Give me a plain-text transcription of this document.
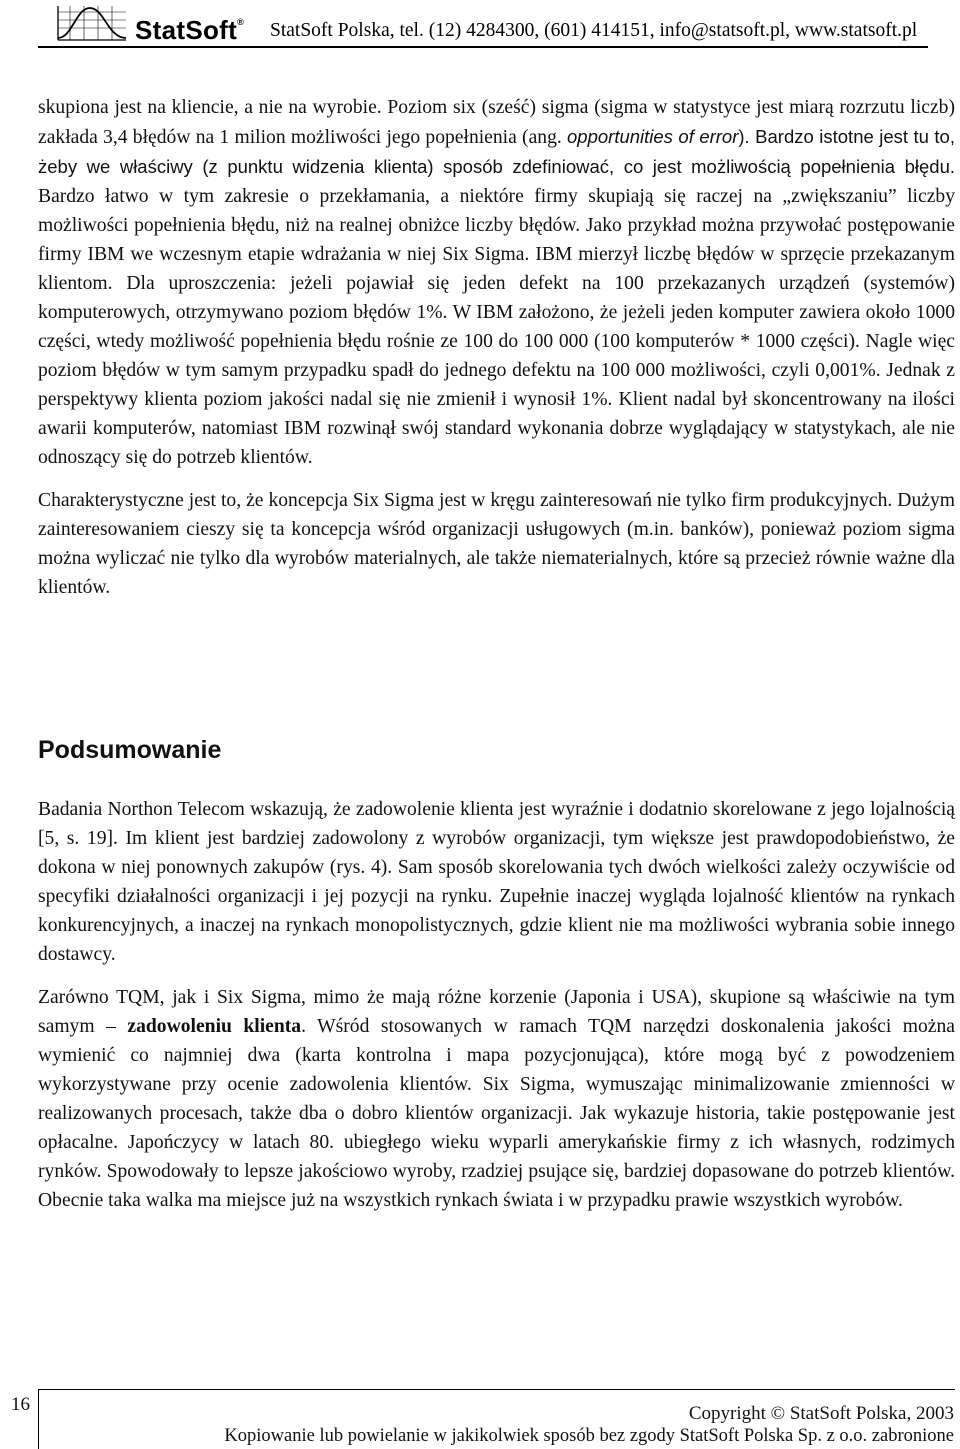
StatSoft® StatSoft Polska, tel. (12) 4284300, (601) 414151, info@statsoft.pl, www.statsoft.pl

skupiona jest na kliencie, a nie na wyrobie. Poziom six (sześć) sigma (sigma w statystyce jest miarą rozrzutu liczb) zakłada 3,4 błędów na 1 milion możliwości jego popełnienia (ang. opportunities of error). Bardzo istotne jest tu to, żeby we właściwy (z punktu widzenia klienta) sposób zdefiniować, co jest możliwością popełnienia błędu. Bardzo łatwo w tym zakresie o przekłamania, a niektóre firmy skupiają się raczej na „zwiększaniu” liczby możliwości popełnienia błędu, niż na realnej obniżce liczby błędów. Jako przykład można przywołać postępowanie firmy IBM we wczesnym etapie wdrażania w niej Six Sigma. IBM mierzył liczbę błędów w sprzęcie przekazanym klientom. Dla uproszczenia: jeżeli pojawiał się jeden defekt na 100 przekazanych urządzeń (systemów) komputerowych, otrzymywano poziom błędów 1%. W IBM założono, że jeżeli jeden komputer zawiera około 1000 części, wtedy możliwość popełnienia błędu rośnie ze 100 do 100 000 (100 komputerów * 1000 części). Nagle więc poziom błędów w tym samym przypadku spadł do jednego defektu na 100 000 możliwości, czyli 0,001%. Jednak z perspektywy klienta poziom jakości nadal się nie zmienił i wynosił 1%. Klient nadal był skoncentrowany na ilości awarii komputerów, natomiast IBM rozwinął swój standard wykonania dobrze wyglądający w statystykach, ale nie odnoszący się do potrzeb klientów.

Charakterystyczne jest to, że koncepcja Six Sigma jest w kręgu zainteresowań nie tylko firm produkcyjnych. Dużym zainteresowaniem cieszy się ta koncepcja wśród organizacji usługowych (m.in. banków), ponieważ poziom sigma można wyliczać nie tylko dla wyrobów materialnych, ale także niematerialnych, które są przecież równie ważne dla klientów.

Podsumowanie

Badania Northon Telecom wskazują, że zadowolenie klienta jest wyraźnie i dodatnio skorelowane z jego lojalnością [5, s. 19]. Im klient jest bardziej zadowolony z wyrobów organizacji, tym większe jest prawdopodobieństwo, że dokona w niej ponownych zakupów (rys. 4). Sam sposób skorelowania tych dwóch wielkości zależy oczywiście od specyfiki działalności organizacji i jej pozycji na rynku. Zupełnie inaczej wygląda lojalność klientów na rynkach konkurencyjnych, a inaczej na rynkach monopolistycznych, gdzie klient nie ma możliwości wybrania sobie innego dostawcy.

Zarówno TQM, jak i Six Sigma, mimo że mają różne korzenie (Japonia i USA), skupione są właściwie na tym samym – zadowoleniu klienta. Wśród stosowanych w ramach TQM narzędzi doskonalenia jakości można wymienić co najmniej dwa (karta kontrolna i mapa pozycjonująca), które mogą być z powodzeniem wykorzystywane przy ocenie zadowolenia klientów. Six Sigma, wymuszając minimalizowanie zmienności w realizowanych procesach, także dba o dobro klientów organizacji. Jak wykazuje historia, takie postępowanie jest opłacalne. Japończycy w latach 80. ubiegłego wieku wyparli amerykańskie firmy z ich własnych, rodzimych rynków. Spowodowały to lepsze jakościowo wyroby, rzadziej psujące się, bardziej dopasowane do potrzeb klientów. Obecnie taka walka ma miejsce już na wszystkich rynkach świata i w przypadku prawie wszystkich wyrobów.

16	Copyright © StatSoft Polska, 2003
Kopiowanie lub powielanie w jakikolwiek sposób bez zgody StatSoft Polska Sp. z o.o. zabronione
